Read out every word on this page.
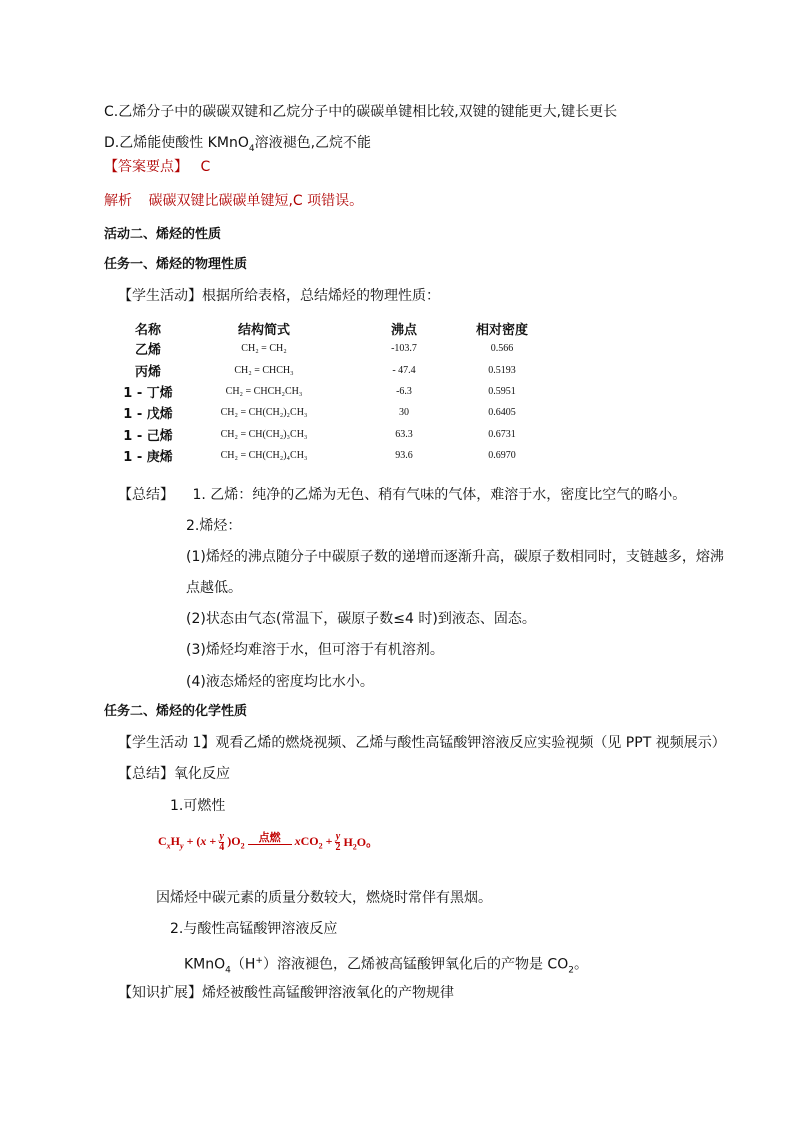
C.乙烯分子中的碳碳双键和乙烷分子中的碳碳单键相比较,双键的键能更大,键长更长
D.乙烯能使酸性 KMnO$_4$溶液褪色,乙烷不能
【答案要点】 C
解析 碳碳双键比碳碳单键短,C 项错误。
活动二、烯烃的性质
任务一、烯烃的物理性质
【学生活动】根据所给表格，总结烯烃的物理性质：
名称	结构简式	沸点	相对密度
乙烯	CH₂ = CH₂	-103.7	0.566
丙烯	CH₂ = CHCH₃	- 47.4	0.5193
1 - 丁烯	CH₂ = CHCH₂CH₃	-6.3	0.5951
1 - 戊烯	CH₂ = CH(CH₂)₂CH₃	30	0.6405
1 - 己烯	CH₂ = CH(CH₂)₃CH₃	63.3	0.6731
1 - 庚烯	CH₂ = CH(CH₂)₄CH₃	93.6	0.6970
【总结】 1. 乙烯：纯净的乙烯为无色、稍有气味的气体，难溶于水，密度比空气的略小。
2.烯烃：
(1)烯烃的沸点随分子中碳原子数的递增而逐渐升高，碳原子数相同时，支链越多，熔沸
点越低。
(2)状态由气态(常温下，碳原子数≤4 时)到液态、固态。
(3)烯烃均难溶于水，但可溶于有机溶剂。
(4)液态烯烃的密度均比水小。
任务二、烯烃的化学性质
【学生活动 1】观看乙烯的燃烧视频、乙烯与酸性高锰酸钾溶液反应实验视频（见 PPT 视频展示）
【总结】氧化反应
1.可燃性
$C_xH_y + (x + \frac{y}{4} )O_2$
点燃	$xCO_2 + \frac{y}{2} H_2O$。
因烯烃中碳元素的质量分数较大，燃烧时常伴有黑烟。
2.与酸性高锰酸钾溶液反应
KMnO$_4$（H+）溶液褪色，乙烯被高锰酸钾氧化后的产物是 $CO_2$。
【知识扩展】烯烃被酸性高锰酸钾溶液氧化的产物规律
